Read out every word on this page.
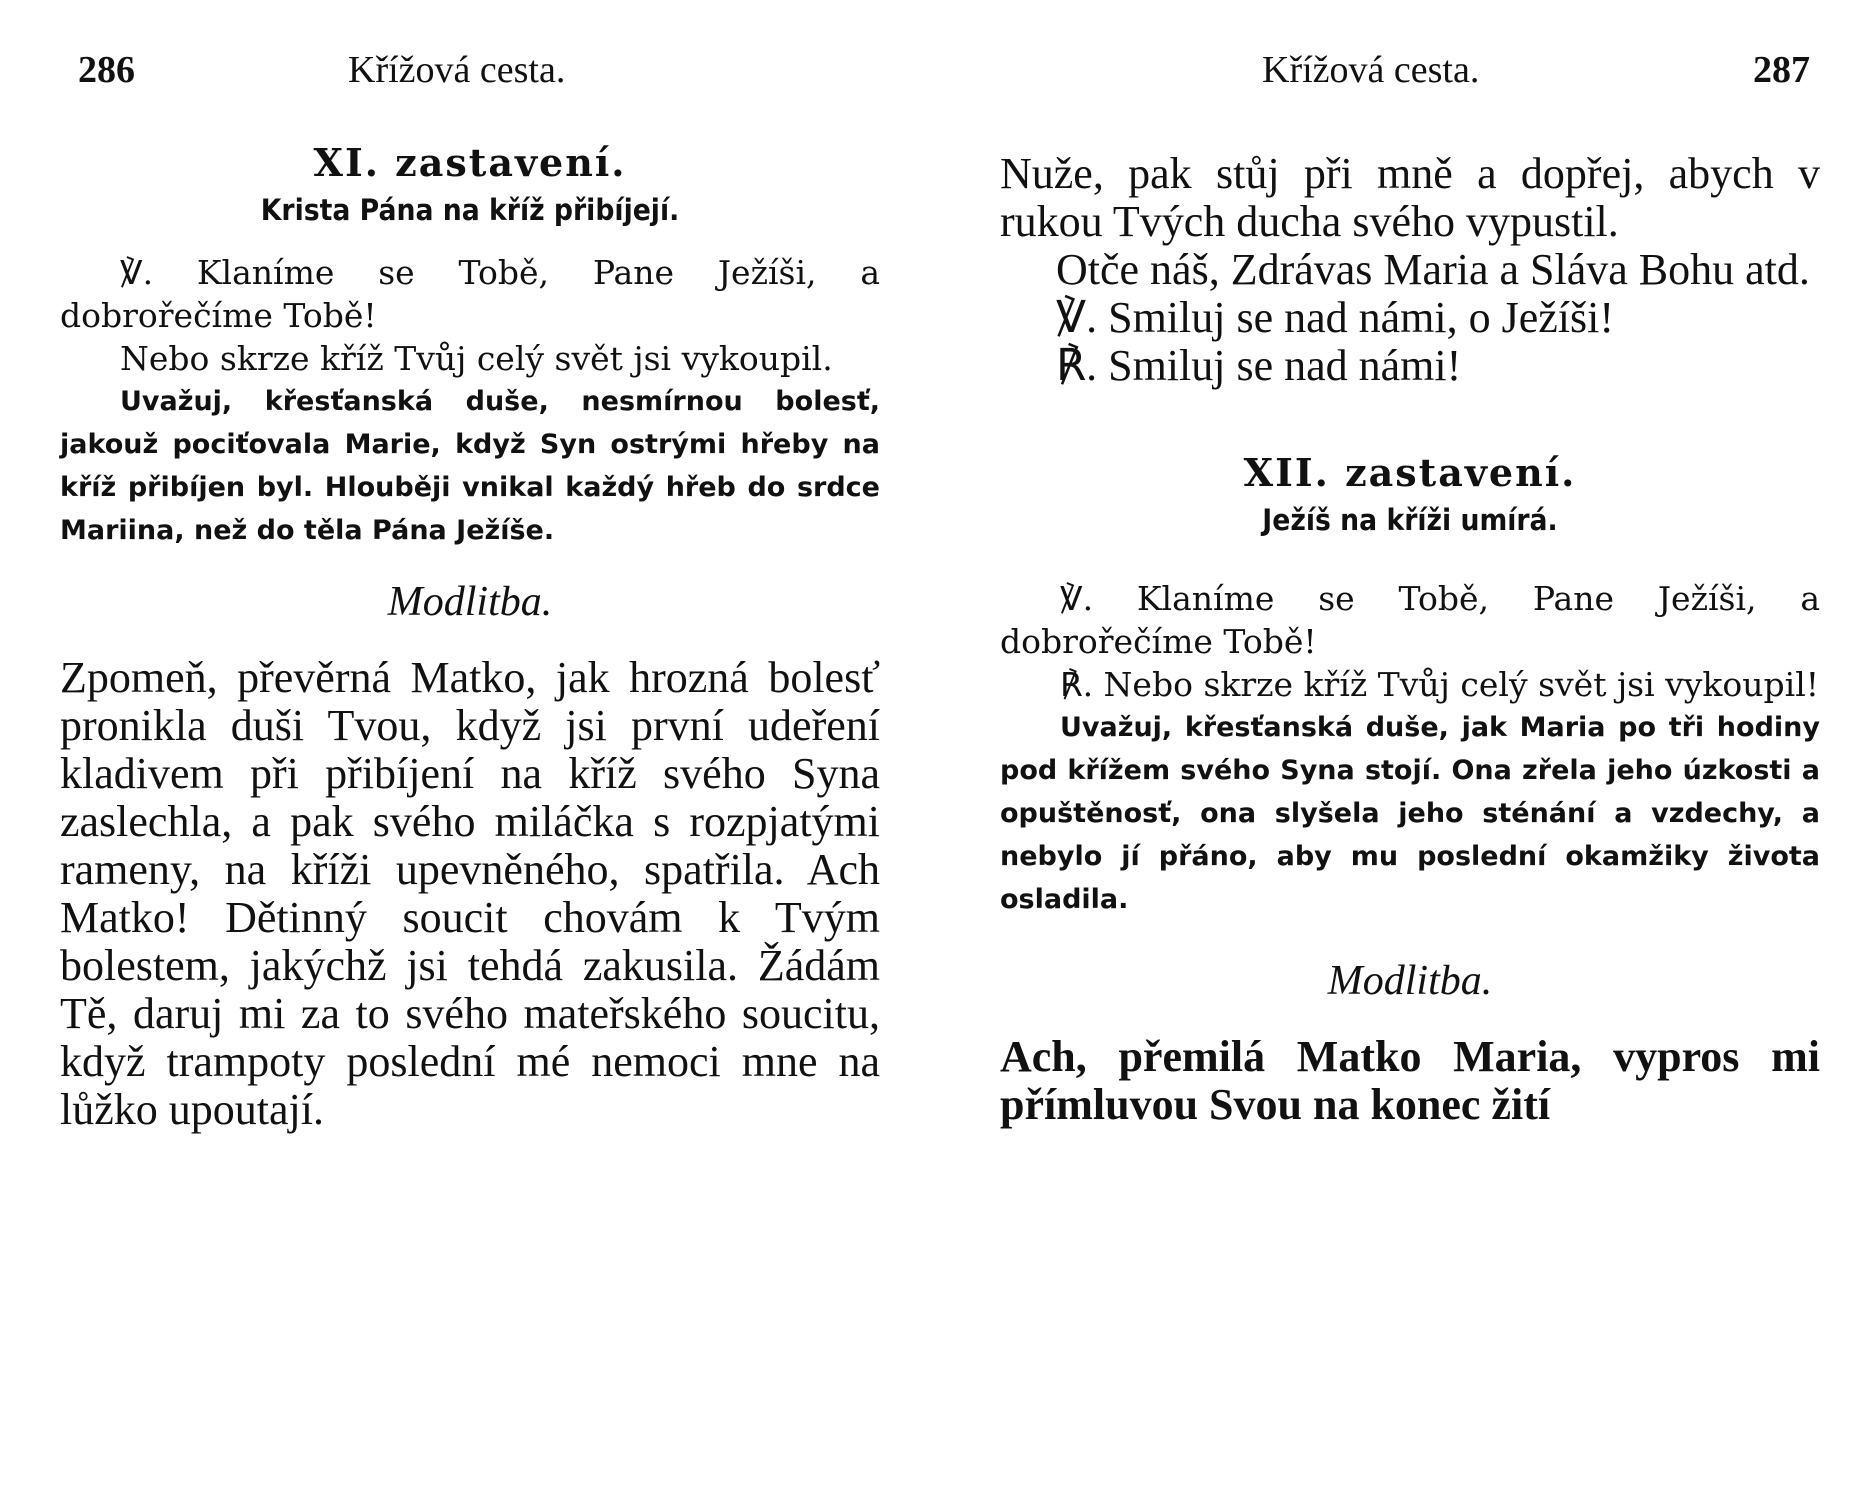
286	Křížová cesta.
XI. zastavení.

Krista Pána na kříž přibíjejí.

℣. Klaníme se Tobě, Pane Ježíši, a dobrořečíme Tobě!

Nebo skrze kříž Tvůj celý svět jsi vykoupil.

Uvažuj, křesťanská duše, nesmírnou bolesť, jakouž pociťovala Marie, když Syn ostrými hřeby na kříž přibíjen byl. Hlouběji vnikal každý hřeb do srdce Mariina, než do těla Pána Ježíše.

Modlitba.

Zpomeň, převěrná Matko, jak hrozná bolesť pronikla duši Tvou, když jsi první udeření kladivem při přibíjení na kříž svého Syna zaslechla, a pak svého miláčka s rozpjatými rameny, na kříži upevněného, spatřila. Ach Matko! Dětinný soucit chovám k Tvým bolestem, jakýchž jsi tehdá zakusila. Žádám Tě, daruj mi za to svého mateřského soucitu, když trampoty poslední mé nemoci mne na lůžko upoutají.

Křížová cesta.	287

Nuže, pak stůj při mně a dopřej, abych v rukou Tvých ducha svého vypustil.

Otče náš, Zdrávas Maria a Sláva Bohu atd.

℣. Smiluj se nad námi, o Ježíši!

℟. Smiluj se nad námi!

XII. zastavení.

Ježíš na kříži umírá.

℣. Klaníme se Tobě, Pane Ježíši, a dobrořečíme Tobě!

℟. Nebo skrze kříž Tvůj celý svět jsi vykoupil!

Uvažuj, křesťanská duše, jak Maria po tři hodiny pod křížem svého Syna stojí. Ona zřela jeho úzkosti a opuštěnosť, ona slyšela jeho sténání a vzdechy, a nebylo jí přáno, aby mu poslední okamžiky života osladila.

Modlitba.

Ach, přemilá Matko Maria, vypros mi přímluvou Svou na konec žití
